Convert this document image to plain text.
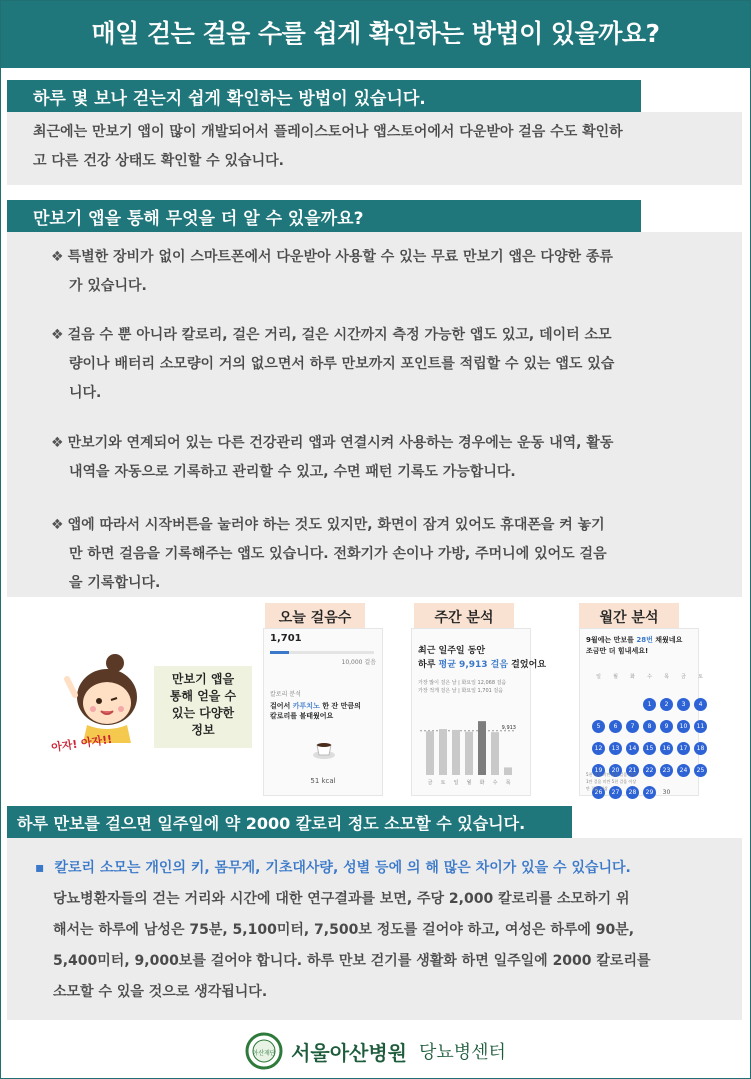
매일 걷는 걸음 수를 쉽게 확인하는 방법이 있을까요?
하루 몇 보나 걷는지 쉽게 확인하는 방법이 있습니다.

최근에는 만보기 앱이 많이 개발되어서 플레이스토어나 앱스토어에서 다운받아 걸음 수도 확인하

고 다른 건강 상태도 확인할 수 있습니다.

만보기 앱을 통해 무엇을 더 알 수 있을까요?
❖ 특별한 장비가 없이 스마트폰에서 다운받아 사용할 수 있는 무료 만보기 앱은 다양한 종류
가 있습니다.
❖ 걸음 수 뿐 아니라 칼로리, 걸은 거리, 걸은 시간까지 측정 가능한 앱도 있고, 데이터 소모
량이나 배터리 소모량이 거의 없으면서 하루 만보까지 포인트를 적립할 수 있는 앱도 있습
니다.
❖ 만보기와 연계되어 있는 다른 건강관리 앱과 연결시켜 사용하는 경우에는 운동 내역, 활동
내역을 자동으로 기록하고 관리할 수 있고, 수면 패턴 기록도 가능합니다.
❖ 앱에 따라서 시작버튼을 눌러야 하는 것도 있지만, 화면이 잠겨 있어도 휴대폰을 켜 놓기
만 하면 걸음을 기록해주는 앱도 있습니다. 전화기가 손이나 가방, 주머니에 있어도 걸음
을 기록합니다.
아자! 아자!!
만보기 앱을
통해 얻을 수
있는 다양한
정보
오늘 걸음수	주간 분석	월간 분석
1,701
10,000 걸음
칼로리 분석
걸어서 카푸치노 한 잔 만큼의
칼로리를 불태웠어요
51 kcal
최근 일주일 동안
하루 평균 9,913 걸음 걸었어요
가장 많이 걸은 날 | 화요일 12,068 걸음
가장 적게 걸은 날 | 화요일 1,701 걸음
9,913
금 토 일 월 화 수 목
9월에는 만보를 28번 채웠네요
조금만 더 힘내세요!
일 월 화 수 목 금 토
1 2 3 45 6 7 8 9 10 1112 13 14 15 16 17 1819 20 21 22 23 24 2526 27 28 29 30
5천 걸음 미만 1천 걸음 미만
1만 걸음 미만 5천 걸음 이상
만 걸음 이상
하루 만보를 걸으면 일주일에 약 2000 칼로리 정도 소모할 수 있습니다.
▪ 칼로리 소모는 개인의 키, 몸무게, 기초대사량, 성별 등에 의 해 많은 차이가 있을 수 있습니다.
당뇨병환자들의 걷는 거리와 시간에 대한 연구결과를 보면, 주당 2,000 칼로리를 소모하기 위
해서는 하루에 남성은 75분, 5,100미터, 7,500보 정도를 걸어야 하고, 여성은 하루에 90분,
5,400미터, 9,000보를 걸어야 합니다. 하루 만보 걷기를 생활화 하면 일주일에 2000 칼로리를
소모할 수 있을 것으로 생각됩니다.
아산재단 서울아산병원 당뇨병센터
